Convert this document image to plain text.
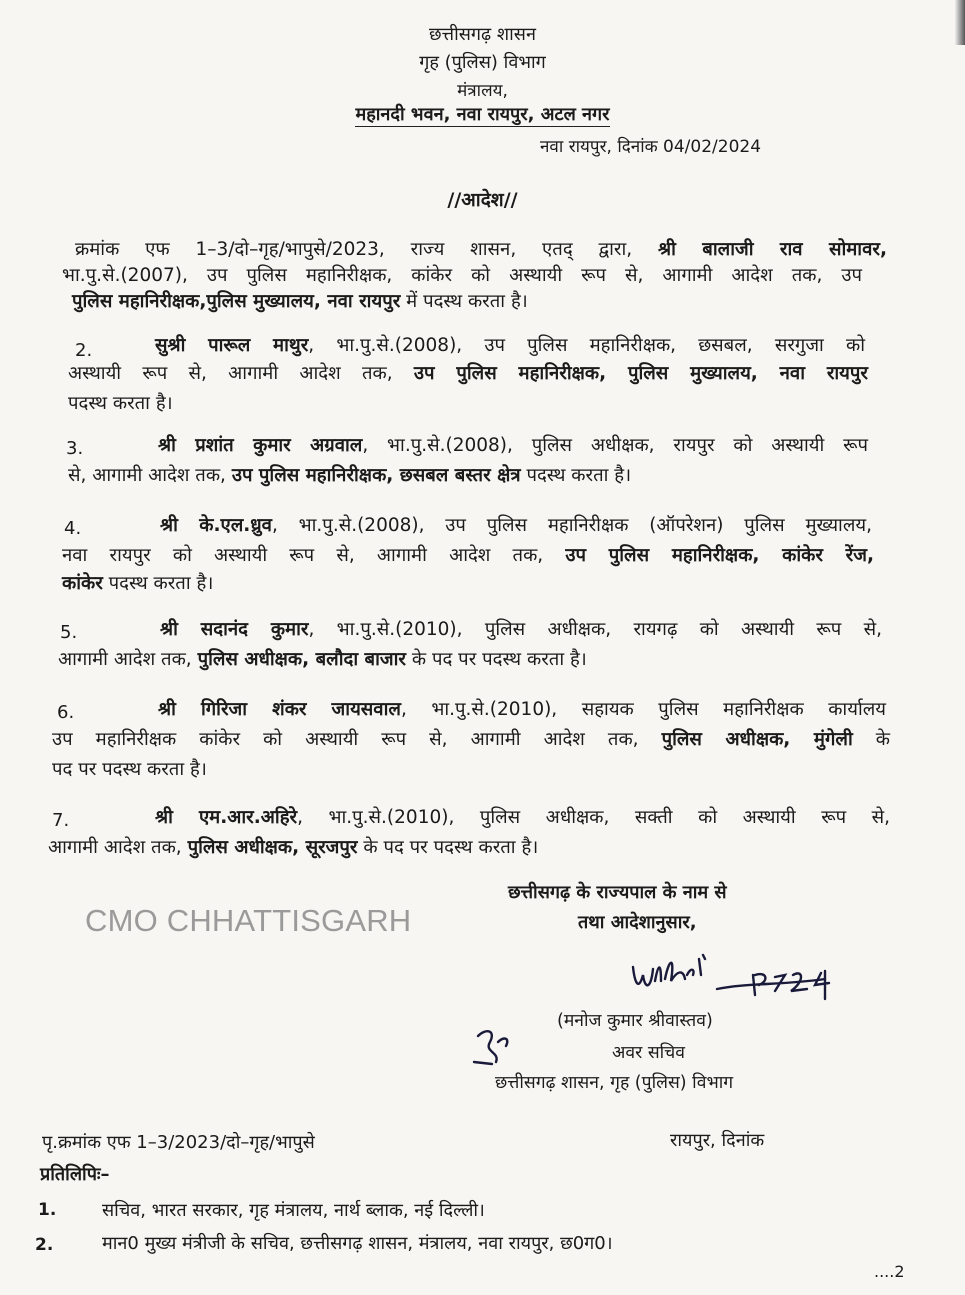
छत्तीसगढ़ शासन
गृह (पुलिस) विभाग
मंत्रालय,
महानदी भवन, नवा रायपुर, अटल नगर
नवा रायपुर, दिनांक 04/02/2024
//आदेश//
क्रमांक एफ 1–3/दो–गृह/भापुसे/2023, राज्य शासन, एतद् द्वारा, श्री बालाजी राव सोमावर,
भा.पु.से.(2007), उप पुलिस महानिरीक्षक, कांकेर को अस्थायी रूप से, आगामी आदेश तक, उप
पुलिस महानिरीक्षक,पुलिस मुख्यालय, नवा रायपुर में पदस्थ करता है।
2.	सुश्री पारूल माथुर, भा.पु.से.(2008), उप पुलिस महानिरीक्षक, छसबल, सरगुजा को
अस्थायी रूप से, आगामी आदेश तक, उप पुलिस महानिरीक्षक, पुलिस मुख्यालय, नवा रायपुर
पदस्थ करता है।
3.	श्री प्रशांत कुमार अग्रवाल, भा.पु.से.(2008), पुलिस अधीक्षक, रायपुर को अस्थायी रूप
से, आगामी आदेश तक, उप पुलिस महानिरीक्षक, छसबल बस्तर क्षेत्र पदस्थ करता है।
4.	श्री के.एल.ध्रुव, भा.पु.से.(2008), उप पुलिस महानिरीक्षक (ऑपरेशन) पुलिस मुख्यालय,
नवा रायपुर को अस्थायी रूप से, आगामी आदेश तक, उप पुलिस महानिरीक्षक, कांकेर रेंज,
कांकेर पदस्थ करता है।
5.	श्री सदानंद कुमार, भा.पु.से.(2010), पुलिस अधीक्षक, रायगढ़ को अस्थायी रूप से,
आगामी आदेश तक, पुलिस अधीक्षक, बलौदा बाजार के पद पर पदस्थ करता है।
6.	श्री गिरिजा शंकर जायसवाल, भा.पु.से.(2010), सहायक पुलिस महानिरीक्षक कार्यालय
उप महानिरीक्षक कांकेर को अस्थायी रूप से, आगामी आदेश तक, पुलिस अधीक्षक, मुंगेली के
पद पर पदस्थ करता है।
7.	श्री एम.आर.अहिरे, भा.पु.से.(2010), पुलिस अधीक्षक, सक्ती को अस्थायी रूप से,
आगामी आदेश तक, पुलिस अधीक्षक, सूरजपुर के पद पर पदस्थ करता है।
छत्तीसगढ़ के राज्यपाल के नाम से
तथा आदेशानुसार,
CMO CHHATTISGARH
(मनोज कुमार श्रीवास्तव)
अवर सचिव
छत्तीसगढ़ शासन, गृह (पुलिस) विभाग
पृ.क्रमांक एफ 1–3/2023/दो–गृह/भापुसे	रायपुर, दिनांक
प्रतिलिपिः–
1.	सचिव, भारत सरकार, गृह मंत्रालय, नार्थ ब्लाक, नई दिल्ली।
2.	मान0 मुख्य मंत्रीजी के सचिव, छत्तीसगढ़ शासन, मंत्रालय, नवा रायपुर, छ0ग0।
....2
